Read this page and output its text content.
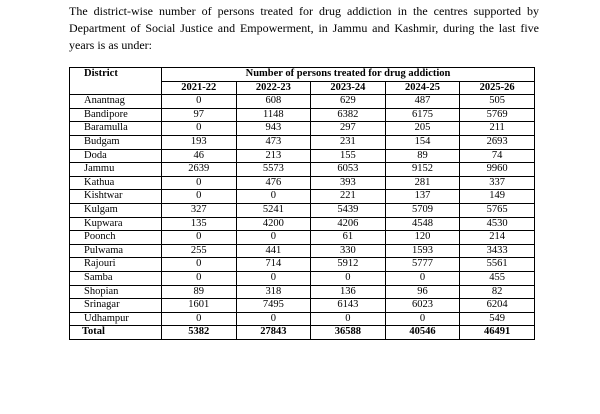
The district-wise number of persons treated for drug addiction in the centres supported by Department of Social Justice and Empowerment, in Jammu and Kashmir, during the last five years is as under:

District	Number of persons treated for drug addiction				
	2021-22	2022-23	2023-24	2024-25	2025-26
Anantnag	0	608	629	487	505
Bandipore	97	1148	6382	6175	5769
Baramulla	0	943	297	205	211
Budgam	193	473	231	154	2693
Doda	46	213	155	89	74
Jammu	2639	5573	6053	9152	9960
Kathua	0	476	393	281	337
Kishtwar	0	0	221	137	149
Kulgam	327	5241	5439	5709	5765
Kupwara	135	4200	4206	4548	4530
Poonch	0	0	61	120	214
Pulwama	255	441	330	1593	3433
Rajouri	0	714	5912	5777	5561
Samba	0	0	0	0	455
Shopian	89	318	136	96	82
Srinagar	1601	7495	6143	6023	6204
Udhampur	0	0	0	0	549
Total	5382	27843	36588	40546	46491
